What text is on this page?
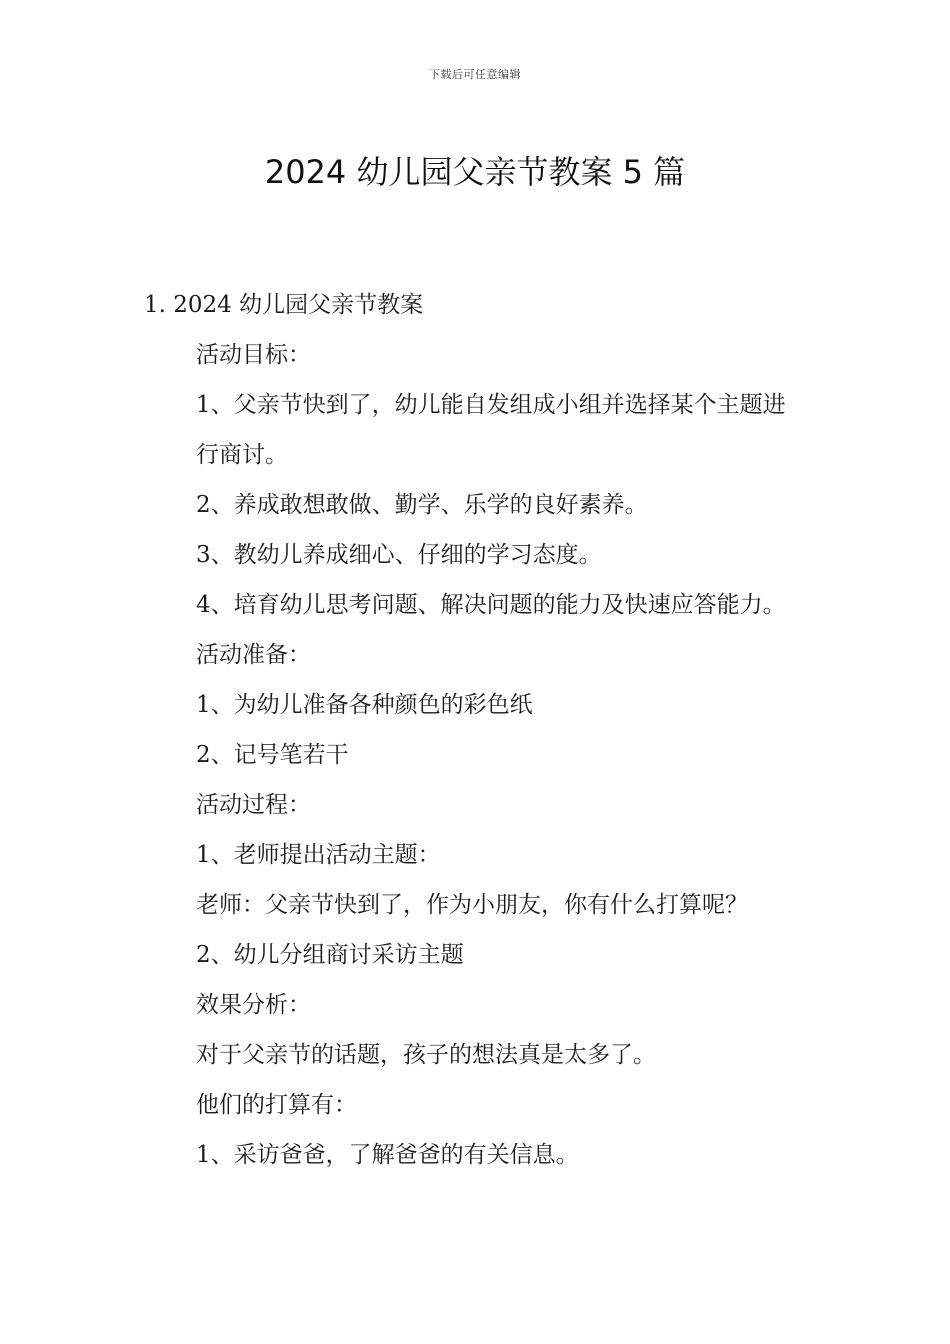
下载后可任意编辑
2024 幼儿园父亲节教案 5 篇

1. 2024 幼儿园父亲节教案

活动目标：

1、父亲节快到了，幼儿能自发组成小组并选择某个主题进行商讨。

2、养成敢想敢做、勤学、乐学的良好素养。

3、教幼儿养成细心、仔细的学习态度。

4、培育幼儿思考问题、解决问题的能力及快速应答能力。

活动准备：

1、为幼儿准备各种颜色的彩色纸

2、记号笔若干

活动过程：

1、老师提出活动主题：

老师：父亲节快到了，作为小朋友，你有什么打算呢？

2、幼儿分组商讨采访主题

效果分析：

对于父亲节的话题，孩子的想法真是太多了。

他们的打算有：

1、采访爸爸，了解爸爸的有关信息。
